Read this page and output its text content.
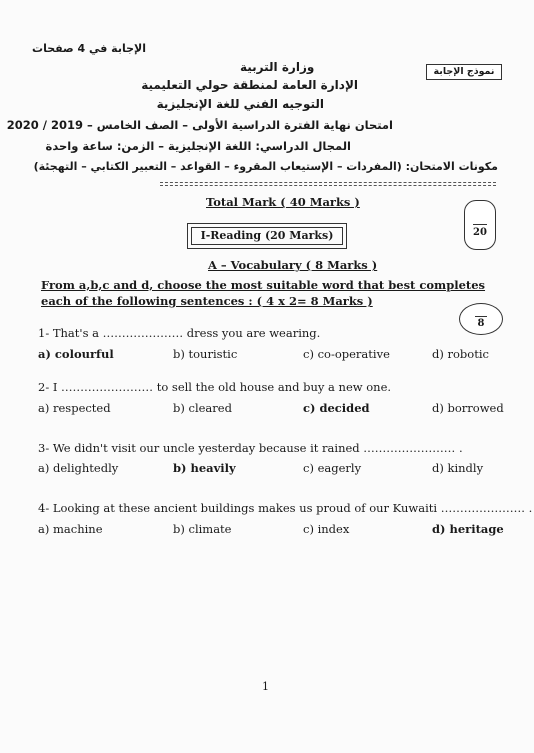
الإجابة في 4 صفحات
وزارة التربية
الإدارة العامة لمنطقة حولي التعليمية
التوجيه الفني للغة الإنجليزية
امتحان نهاية الفترة الدراسية الأولى – الصف الخامس – 2019 / 2020
المجال الدراسي: اللغة الإنجليزية – الزمن: ساعة واحدة
مكونات الامتحان: (المفردات – الإستيعاب المقروء – القواعد – التعبير الكتابي – التهجئة)
نموذج الإجابة
Total Mark ( 40 Marks )
20
I-Reading (20 Marks)
A – Vocabulary ( 8 Marks )
From a,b,c and d, choose the most suitable word that best completes each of the following sentences : ( 4 x 2= 8 Marks )
8
1- That's a ………………… dress you are wearing.
a) colourful	b) touristic	c) co-operative	d) robotic
2- I …………………… to sell the old house and buy a new one.
a) respected	b) cleared	c) decided	d) borrowed
3- We didn't visit our uncle yesterday because it rained …………………… .
a) delightedly	b) heavily	c) eagerly	d) kindly
4- Looking at these ancient buildings makes us proud of our Kuwaiti …………………. .
a) machine	b) climate	c) index	d) heritage
1
